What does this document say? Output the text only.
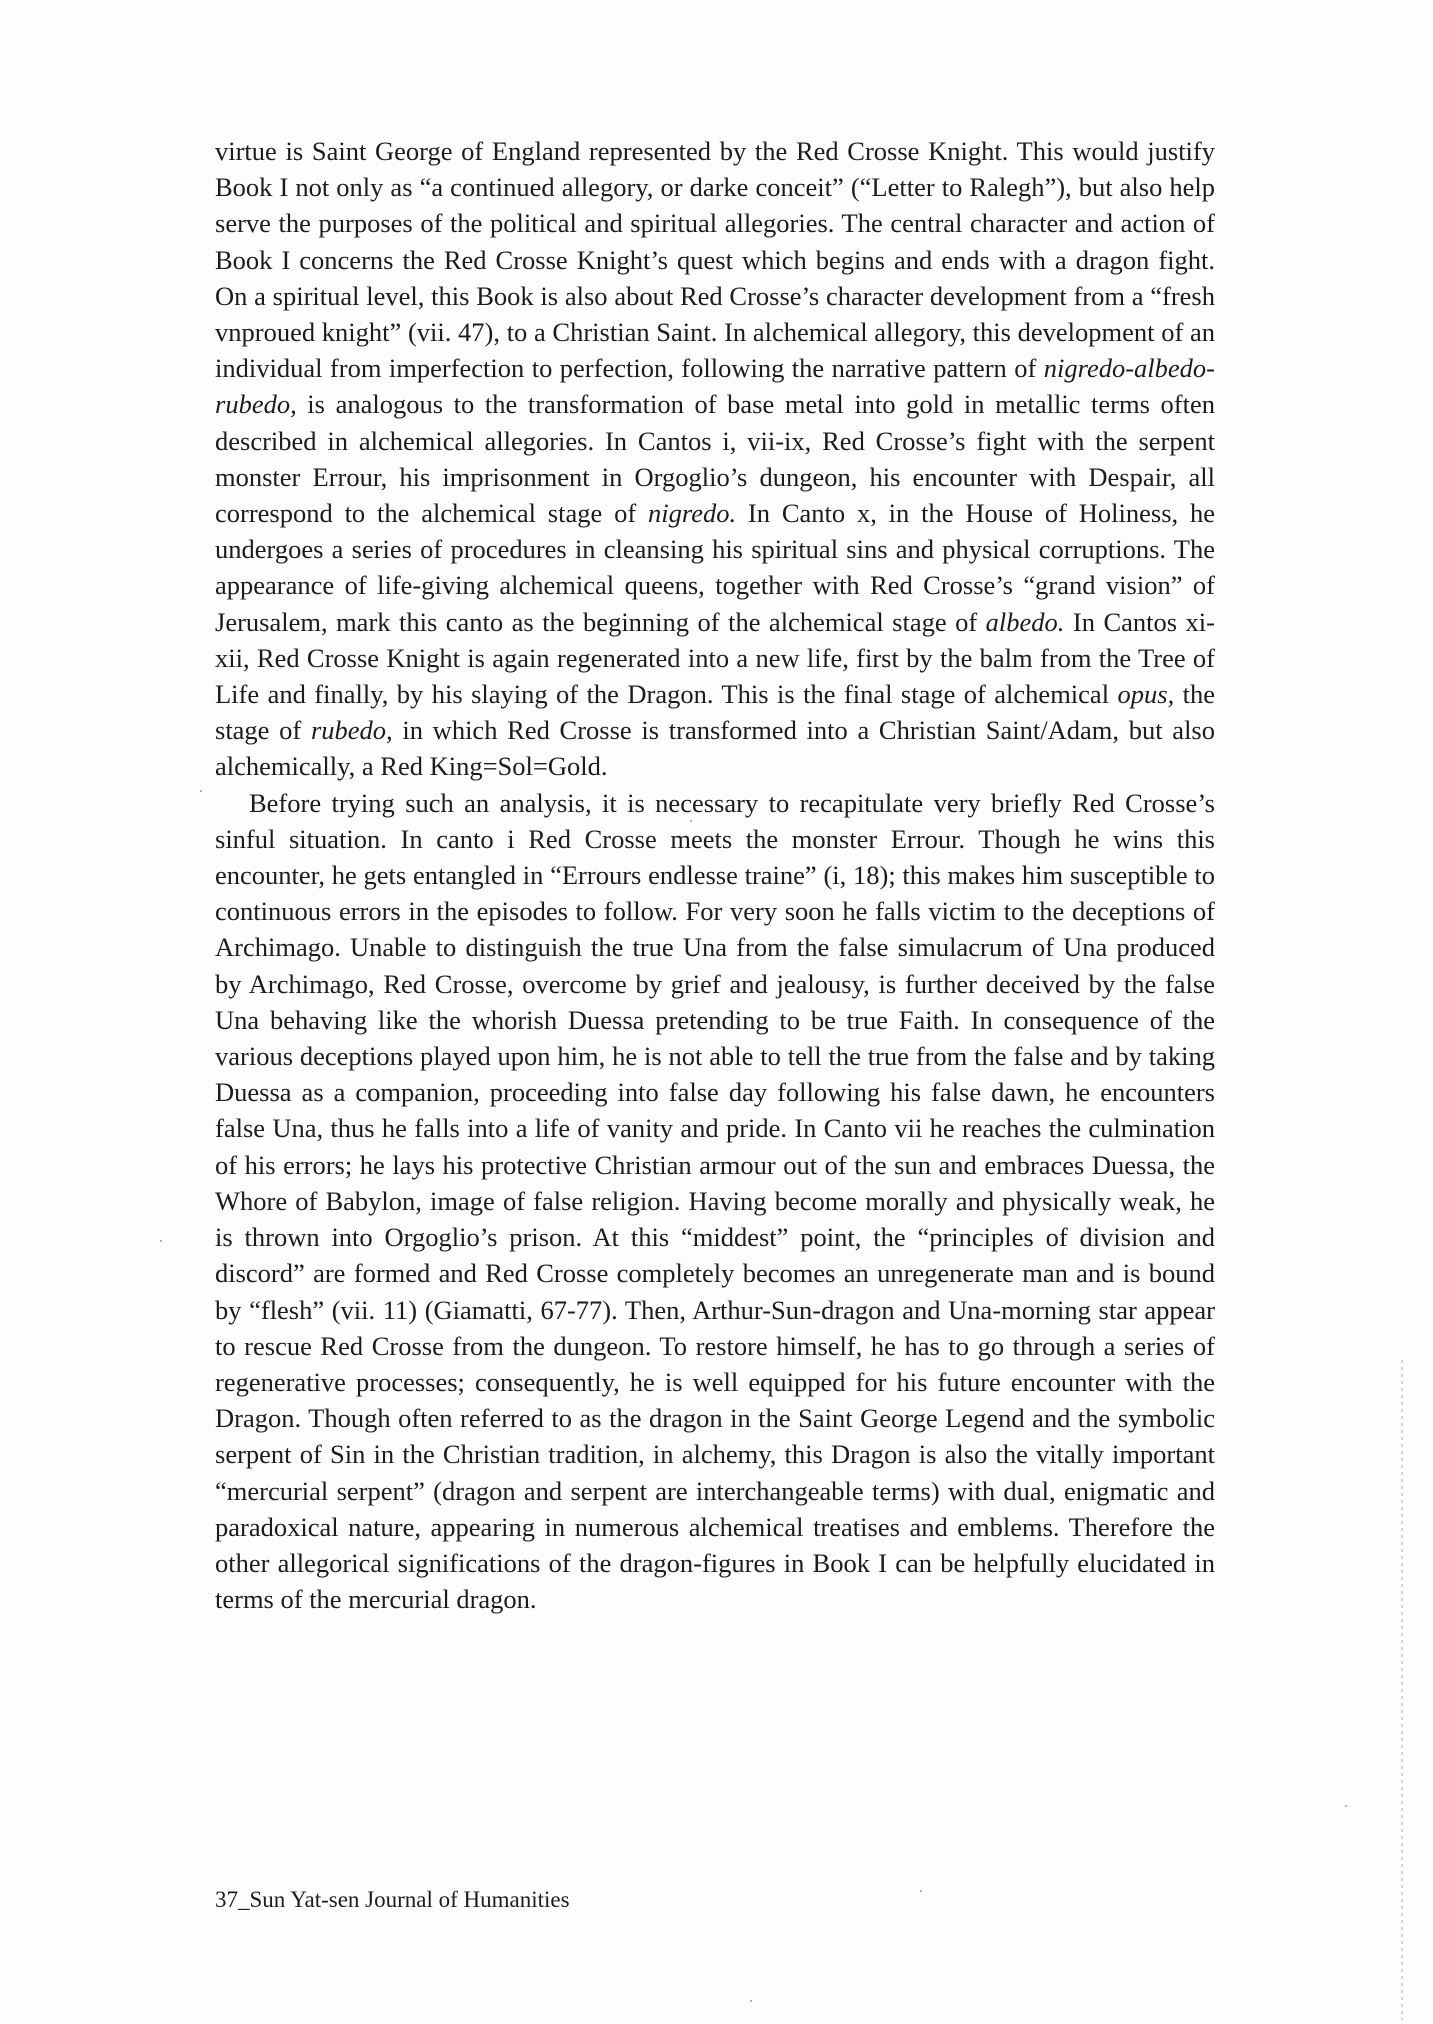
virtue is Saint George of England represented by the Red Crosse Knight. This would justify Book I not only as “a continued allegory, or darke conceit” (“Letter to Ralegh”), but also help serve the purposes of the political and spiritual allegories. The central character and action of Book I concerns the Red Crosse Knight’s quest which begins and ends with a dragon fight. On a spiritual level, this Book is also about Red Crosse’s character development from a “fresh vnproued knight” (vii. 47), to a Christian Saint. In alchemical allegory, this development of an individual from imperfection to perfection, following the narrative pattern of nigredo-albedo-rubedo, is analogous to the transformation of base metal into gold in metallic terms often described in alchemical allegories. In Cantos i, vii-ix, Red Crosse’s fight with the serpent monster Errour, his imprisonment in Orgoglio’s dungeon, his encounter with Despair, all correspond to the alchemical stage of nigredo. In Canto x, in the House of Holiness, he undergoes a series of procedures in cleansing his spiritual sins and physical corruptions. The appearance of life-giving alchemical queens, together with Red Crosse’s “grand vision” of Jerusalem, mark this canto as the beginning of the alchemical stage of albedo. In Cantos xi-xii, Red Crosse Knight is again regenerated into a new life, first by the balm from the Tree of Life and finally, by his slaying of the Dragon. This is the final stage of alchemical opus, the stage of rubedo, in which Red Crosse is transformed into a Christian Saint/Adam, but also alchemically, a Red King=Sol=Gold.

Before trying such an analysis, it is necessary to recapitulate very briefly Red Crosse’s sinful situation. In canto i Red Crosse meets the monster Errour. Though he wins this encounter, he gets entangled in “Errours endlesse traine” (i, 18); this makes him susceptible to continuous errors in the episodes to follow. For very soon he falls victim to the deceptions of Archimago. Unable to distinguish the true Una from the false simulacrum of Una produced by Archimago, Red Crosse, overcome by grief and jealousy, is further deceived by the false Una behaving like the whorish Duessa pretending to be true Faith. In consequence of the various deceptions played upon him, he is not able to tell the true from the false and by taking Duessa as a companion, proceeding into false day following his false dawn, he encounters false Una, thus he falls into a life of vanity and pride. In Canto vii he reaches the culmination of his errors; he lays his protective Christian armour out of the sun and embraces Duessa, the Whore of Babylon, image of false religion. Having become morally and physically weak, he is thrown into Orgoglio’s prison. At this “middest” point, the “principles of division and discord” are formed and Red Crosse completely becomes an unregenerate man and is bound by “flesh” (vii. 11) (Giamatti, 67-77). Then, Arthur-Sun-dragon and Una-morning star appear to rescue Red Crosse from the dungeon. To restore himself, he has to go through a series of regenerative processes; consequently, he is well equipped for his future encounter with the Dragon. Though often referred to as the dragon in the Saint George Legend and the symbolic serpent of Sin in the Christian tradition, in alchemy, this Dragon is also the vitally important “mercurial serpent” (dragon and serpent are interchangeable terms) with dual, enigmatic and paradoxical nature, appearing in numerous alchemical treatises and emblems. Therefore the other allegorical significations of the dragon-figures in Book I can be helpfully elucidated in terms of the mercurial dragon.

37_Sun Yat-sen Journal of Humanities
